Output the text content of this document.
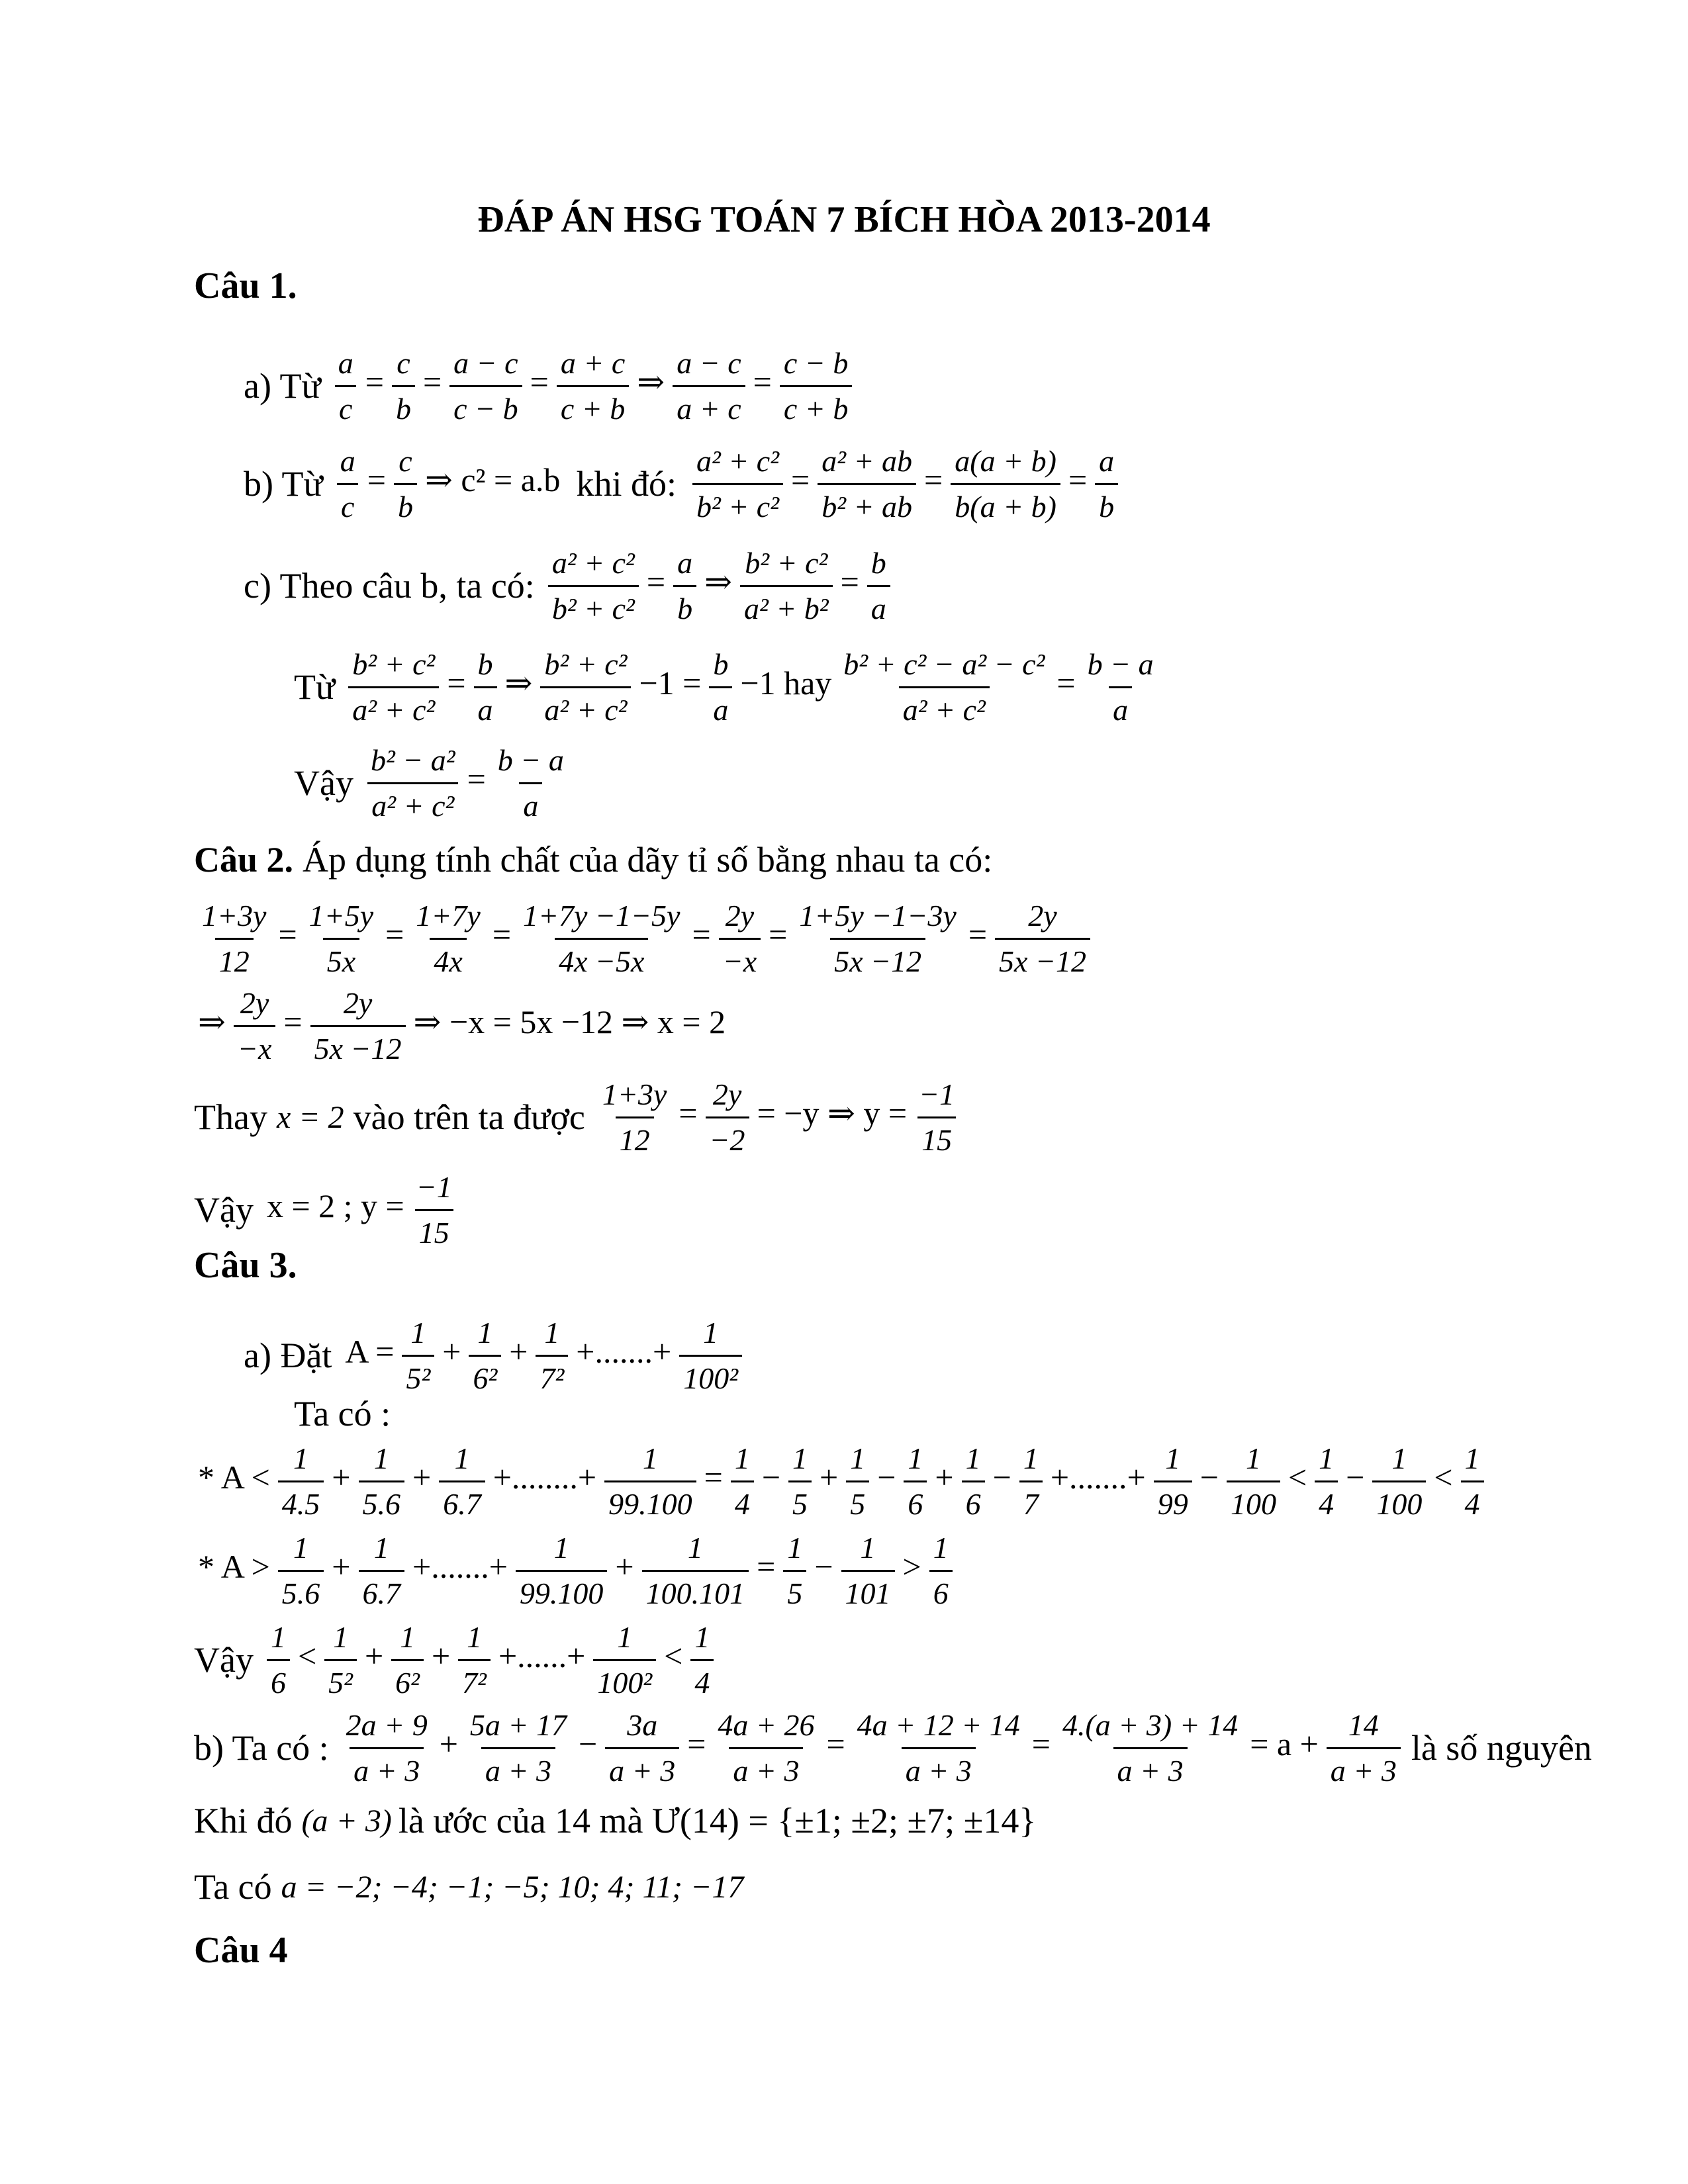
ĐÁP ÁN HSG TOÁN 7 BÍCH HÒA 2013-2014
Câu 1.
a) Từ $\frac{a}{c} = \frac{c}{b} = \frac{a - c}{c - b} = \frac{a + c}{c + b}$ ⇒ $\frac{a - c}{a + c} = \frac{c - b}{c + b}$
b) Từ $\frac{a}{c} = \frac{c}{b}$ ⇒ c² = a.b khi đó: $\frac{\text{a² + c²}}{\text{b² + c²}} = \frac{\text{a² + ab}}{\text{b² + ab}} = \frac{a(a + b)}{b(a + b)} = \frac{a}{b}$
c) Theo câu b, ta có: $\frac{\text{a² + c²}}{\text{b² + c²}} = \frac{a}{b}$ ⇒ $\frac{\text{b² + c²}}{\text{a² + b²}} = \frac{b}{a}$
Từ $\frac{\text{b² + c²}}{\text{a² + c²}} = \frac{b}{a}$ ⇒ $\frac{\text{b² + c²}}{\text{a² + c²}} -1 = \frac{b}{a} -1$ hay $\frac{\text{b² + c² − a² − c²}}{\text{a² + c²}} = \frac{b - a}{a}$
Vậy $\frac{\text{b² − a²}}{\text{a² + c²}} = \frac{b - a}{a}$
Câu 2. Áp dụng tính chất của dãy tỉ số bằng nhau ta có:
$\frac{1+3y}{12} = \frac{1+5y}{5x} = \frac{1+7y}{4x} = \frac{1+7y -1-5y}{4x -5x} = \frac{2y}{-x} = \frac{1+5y -1-3y}{5x -12} = \frac{2y}{5x -12}$
⇒ $\frac{2y}{-x} = \frac{2y}{5x -12}$ ⇒ −x = 5x −12 ⇒ x = 2
Thay x = 2 vào trên ta được $\frac{1+3y}{12} = \frac{2y}{-2} = -y$ ⇒ $y = \frac{-1}{15}$
Vậy x = 2 ; $y = \frac{-1}{15}$
Câu 3.
a) Đặt $A = \frac{1}{\text{5²}} + \frac{1}{\text{6²}} + \frac{1}{\text{7²}}$ +.......+ $\frac{1}{\text{100²}}$
Ta có :
* $A < \frac{1}{4.5} + \frac{1}{5.6} + \frac{1}{6.7}$ +........+ $\frac{1}{99.100} = \frac{1}{4} - \frac{1}{5} + \frac{1}{5} - \frac{1}{6} + \frac{1}{6} - \frac{1}{7}$ +.......+ $\frac{1}{99} - \frac{1}{100} < \frac{1}{4} - \frac{1}{100} < \frac{1}{4}$
* $A > \frac{1}{5.6} + \frac{1}{6.7}$ +.......+ $\frac{1}{99.100} + \frac{1}{100.101} = \frac{1}{5} - \frac{1}{101} > \frac{1}{6}$
Vậy $\frac{1}{6} < \frac{1}{\text{5²}} + \frac{1}{\text{6²}} + \frac{1}{\text{7²}}$ +......+ $\frac{1}{\text{100²}} < \frac{1}{4}$
b) Ta có : $\frac{2a + 9}{a + 3} + \frac{5a + 17}{a + 3} - \frac{3a}{a + 3} = \frac{4a + 26}{a + 3} = \frac{4a + 12 + 14}{a + 3} = \frac{4.(a + 3) + 14}{a + 3} = a + \frac{14}{a + 3}$ là số nguyên
Khi đó (a + 3) là ước của 14 mà Ư(14) = {±1; ±2; ±7; ±14}
Ta có a = −2; −4; −1; −5; 10; 4; 11; −17
Câu 4
